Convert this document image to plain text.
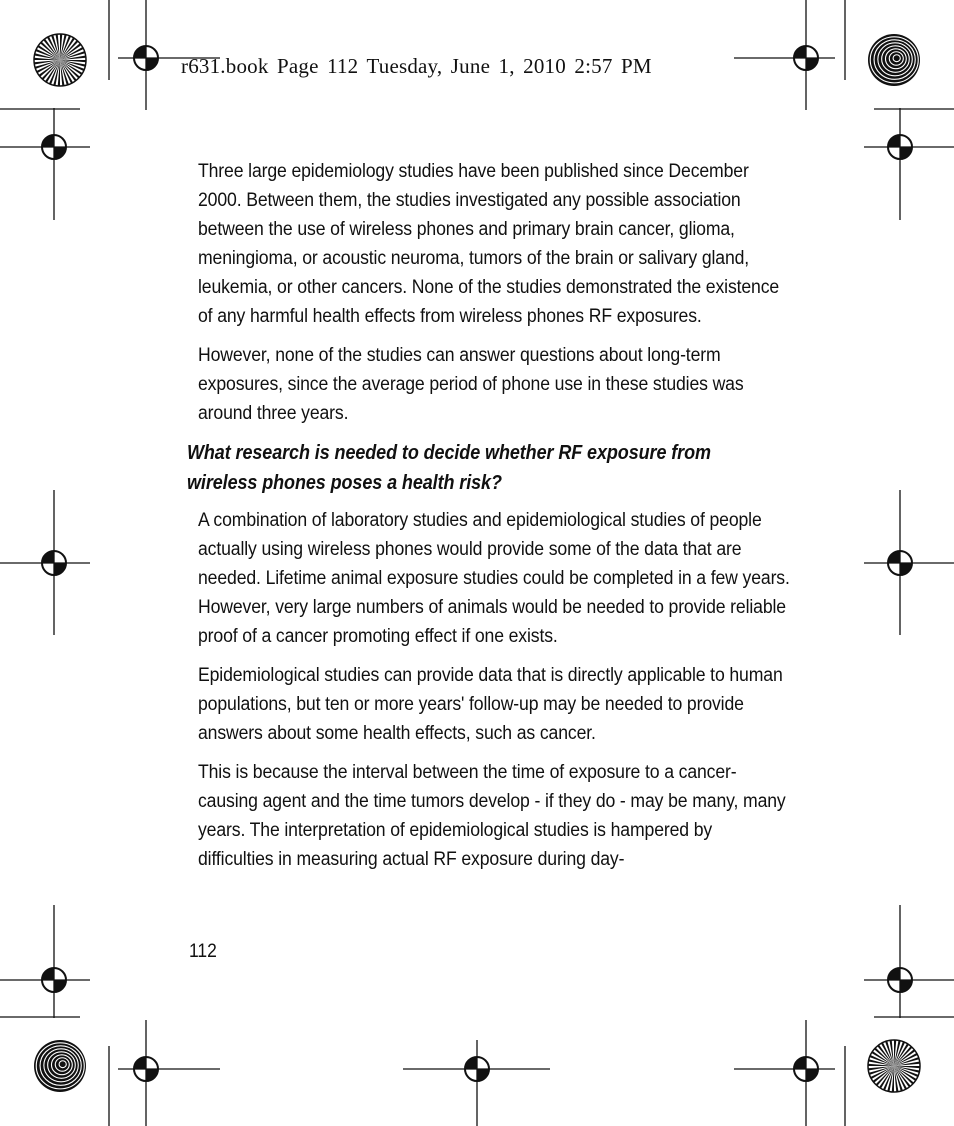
r631.book Page 112 Tuesday, June 1, 2010 2:57 PM

Three large epidemiology studies have been published since December 2000. Between them, the studies investigated any possible association between the use of wireless phones and primary brain cancer, glioma, meningioma, or acoustic neuroma, tumors of the brain or salivary gland, leukemia, or other cancers. None of the studies demonstrated the existence of any harmful health effects from wireless phones RF exposures.

However, none of the studies can answer questions about long-term exposures, since the average period of phone use in these studies was around three years.

What research is needed to decide whether RF exposure from wireless phones poses a health risk?

A combination of laboratory studies and epidemiological studies of people actually using wireless phones would provide some of the data that are needed. Lifetime animal exposure studies could be completed in a few years. However, very large numbers of animals would be needed to provide reliable proof of a cancer promoting effect if one exists.

Epidemiological studies can provide data that is directly applicable to human populations, but ten or more years' follow-up may be needed to provide answers about some health effects, such as cancer.

This is because the interval between the time of exposure to a cancer-causing agent and the time tumors develop - if they do - may be many, many years. The interpretation of epidemiological studies is hampered by difficulties in measuring actual RF exposure during day-

112
